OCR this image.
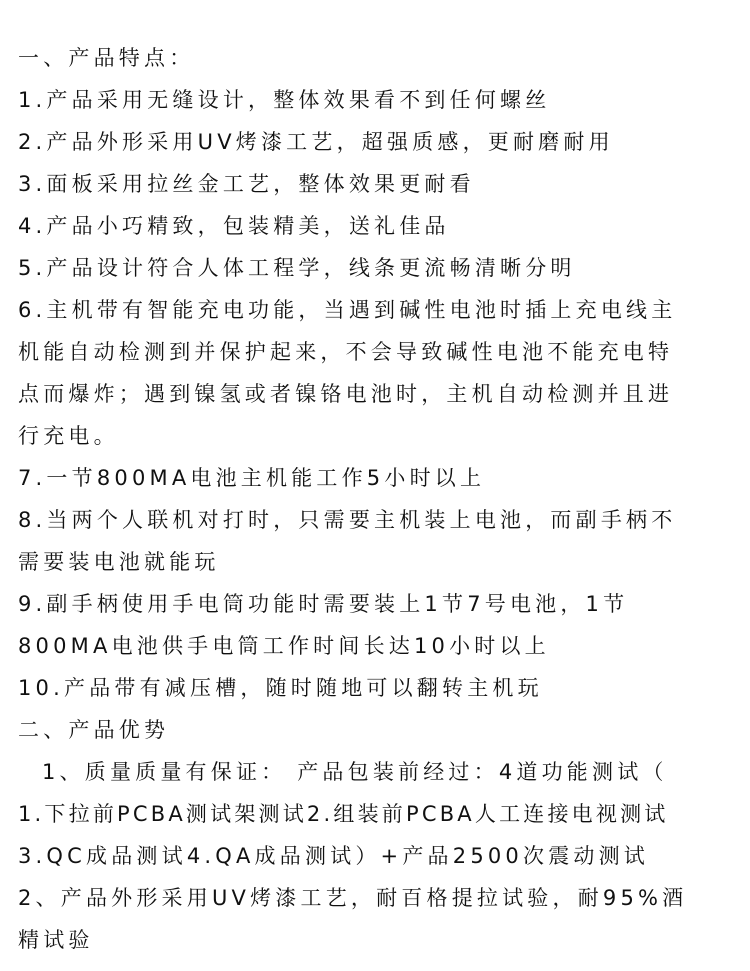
一、产品特点：
1.产品采用无缝设计，整体效果看不到任何螺丝
2.产品外形采用UV烤漆工艺，超强质感，更耐磨耐用
3.面板采用拉丝金工艺，整体效果更耐看
4.产品小巧精致，包装精美，送礼佳品
5.产品设计符合人体工程学，线条更流畅清晰分明
6.主机带有智能充电功能，当遇到碱性电池时插上充电线主
机能自动检测到并保护起来，不会导致碱性电池不能充电特
点而爆炸；遇到镍氢或者镍铬电池时，主机自动检测并且进
行充电。
7.一节800MA电池主机能工作5小时以上
8.当两个人联机对打时，只需要主机装上电池，而副手柄不
需要装电池就能玩
9.副手柄使用手电筒功能时需要装上1节7号电池，1节
800MA电池供手电筒工作时间长达10小时以上
10.产品带有减压槽，随时随地可以翻转主机玩
二、产品优势
1、质量质量有保证： 产品包装前经过：4道功能测试（
1.下拉前PCBA测试架测试2.组装前PCBA人工连接电视测试
3.QC成品测试4.QA成品测试）+产品2500次震动测试
2、产品外形采用UV烤漆工艺，耐百格提拉试验，耐95%酒
精试验
